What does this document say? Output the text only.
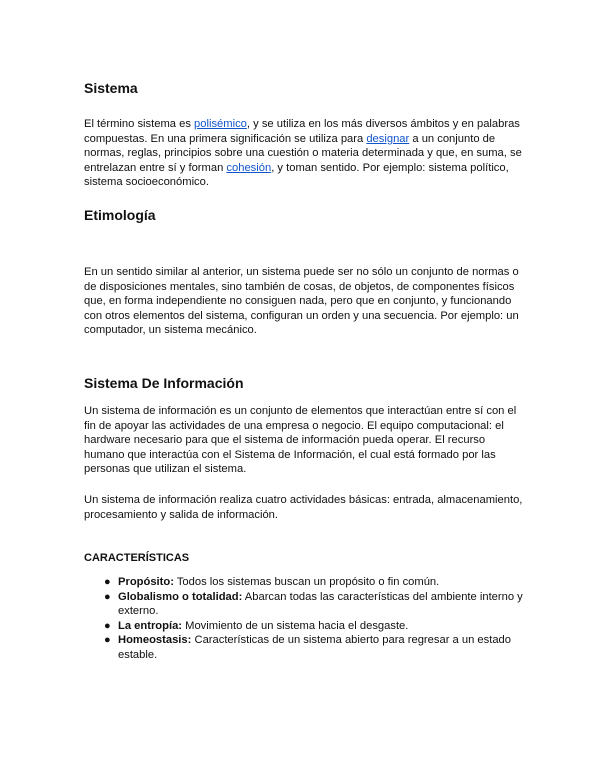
Sistema

El término sistema es polisémico, y se utiliza en los más diversos ámbitos y en palabras compuestas. En una primera significación se utiliza para designar a un conjunto de normas, reglas, principios sobre una cuestión o materia determinada y que, en suma, se entrelazan entre sí y forman cohesión, y toman sentido. Por ejemplo: sistema político, sistema socioeconómico.

Etimología

En un sentido similar al anterior, un sistema puede ser no sólo un conjunto de normas o de disposiciones mentales, sino también de cosas, de objetos, de componentes físicos que, en forma independiente no consiguen nada, pero que en conjunto, y funcionando con otros elementos del sistema, configuran un orden y una secuencia. Por ejemplo: un computador, un sistema mecánico.

Sistema De Información

Un sistema de información es un conjunto de elementos que interactúan entre sí con el fin de apoyar las actividades de una empresa o negocio. El equipo computacional: el hardware necesario para que el sistema de información pueda operar. El recurso humano que interactúa con el Sistema de Información, el cual está formado por las personas que utilizan el sistema.

Un sistema de información realiza cuatro actividades básicas: entrada, almacenamiento, procesamiento y salida de información.

CARACTERÍSTICAS
● Propósito: Todos los sistemas buscan un propósito o fin común.
● Globalismo o totalidad: Abarcan todas las características del ambiente interno y externo.
● La entropía: Movimiento de un sistema hacia el desgaste.
● Homeostasis: Características de un sistema abierto para regresar a un estado estable.
